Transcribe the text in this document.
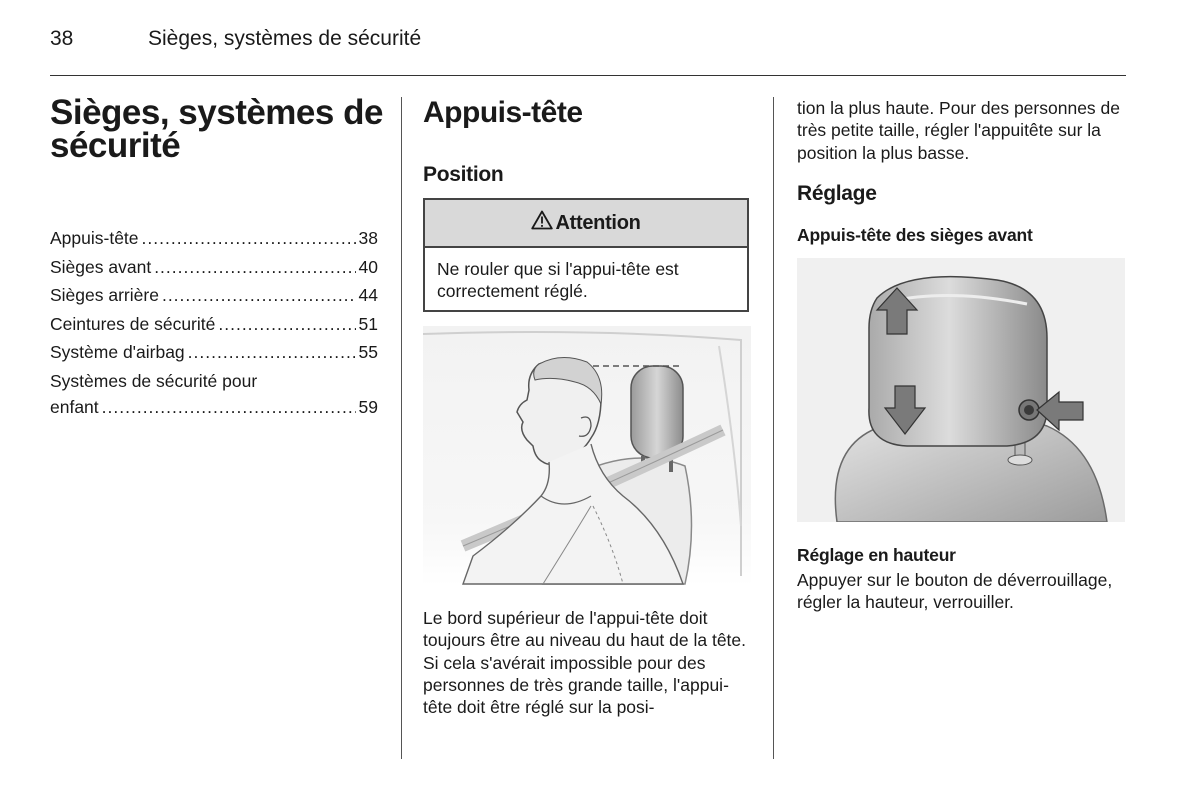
38	Sièges, systèmes de sécurité
Sièges, systèmes de sécurité
Appuis-tête .....	38
Sièges avant .....	40
Sièges arrière .....	44
Ceintures de sécurité .....	51
Système d'airbag .....	55
Systèmes de sécurité pour
enfant .....	59
Appuis-tête
Position
Attention
Ne rouler que si l'appui-tête est correctement réglé.
Le bord supérieur de l'appui-tête doit toujours être au niveau du haut de la tête. Si cela s'avérait impossible pour des personnes de très grande taille, l'appui-tête doit être réglé sur la posi-
tion la plus haute. Pour des personnes de très petite taille, régler l'appuitête sur la position la plus basse.
Réglage
Appuis-tête des sièges avant
Réglage en hauteur
Appuyer sur le bouton de déverrouillage, régler la hauteur, verrouiller.
